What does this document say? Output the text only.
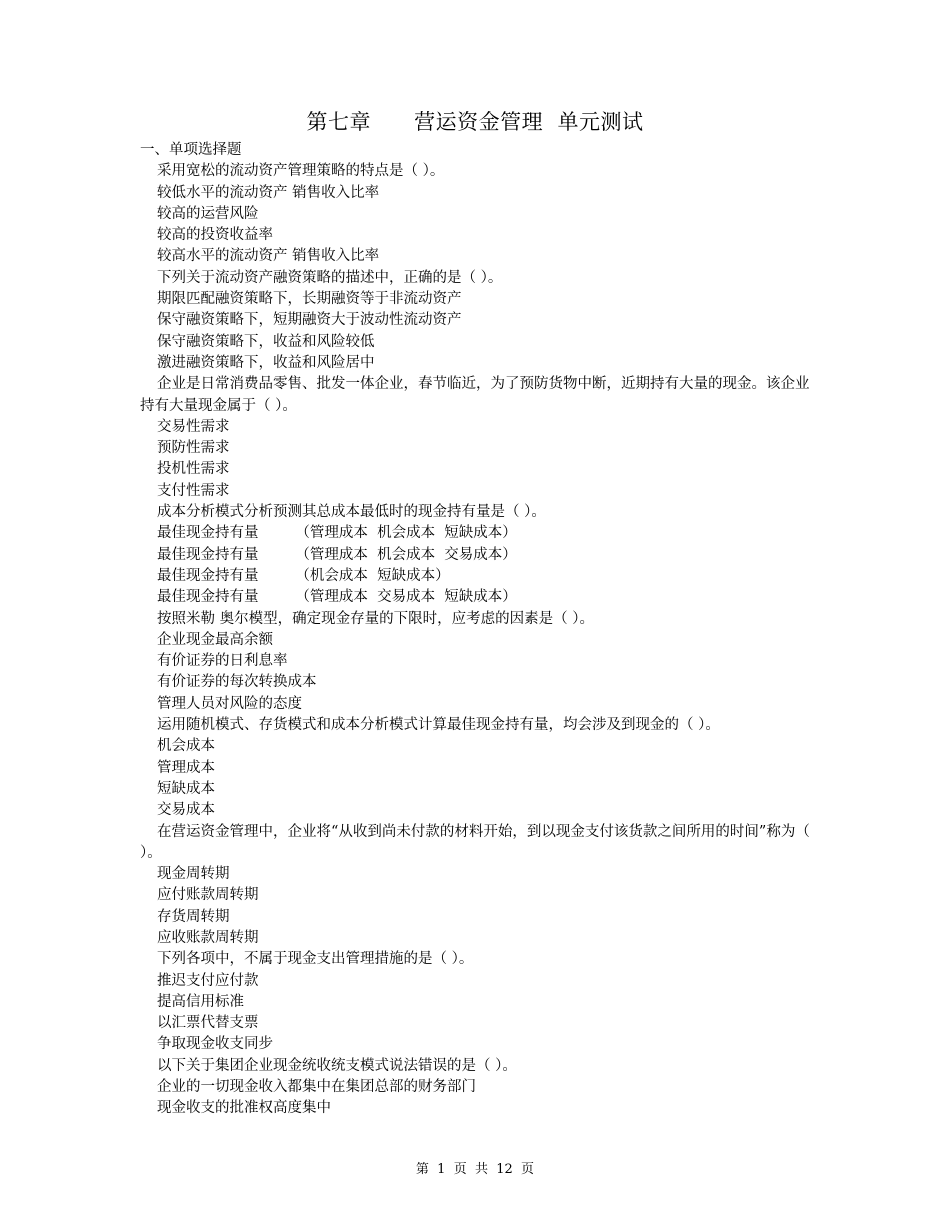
第七章      营运资金管理  单元测试
一、单项选择题
采用宽松的流动资产管理策略的特点是（ ）。
较低水平的流动资产 销售收入比率
较高的运营风险
较高的投资收益率
较高水平的流动资产 销售收入比率
下列关于流动资产融资策略的描述中，正确的是（ ）。
期限匹配融资策略下，长期融资等于非流动资产
保守融资策略下，短期融资大于波动性流动资产
保守融资策略下，收益和风险较低
激进融资策略下，收益和风险居中
企业是日常消费品零售、批发一体企业，春节临近，为了预防货物中断，近期持有大量的现金。该企业持有大量现金属于（ ）。
交易性需求
预防性需求
投机性需求
支付性需求
成本分析模式分析预测其总成本最低时的现金持有量是（ ）。
最佳现金持有量        （管理成本  机会成本  短缺成本）
最佳现金持有量        （管理成本  机会成本  交易成本）
最佳现金持有量        （机会成本  短缺成本）
最佳现金持有量        （管理成本  交易成本  短缺成本）
按照米勒 奥尔模型，确定现金存量的下限时，应考虑的因素是（ ）。
企业现金最高余额
有价证券的日利息率
有价证券的每次转换成本
管理人员对风险的态度
运用随机模式、存货模式和成本分析模式计算最佳现金持有量，均会涉及到现金的（ ）。
机会成本
管理成本
短缺成本
交易成本
在营运资金管理中，企业将“从收到尚未付款的材料开始，到以现金支付该货款之间所用的时间”称为（ ）。
现金周转期
应付账款周转期
存货周转期
应收账款周转期
下列各项中，不属于现金支出管理措施的是（ ）。
推迟支付应付款
提高信用标准
以汇票代替支票
争取现金收支同步
以下关于集团企业现金统收统支模式说法错误的是（ ）。
企业的一切现金收入都集中在集团总部的财务部门
现金收支的批准权高度集中
第  1  页  共  12  页
